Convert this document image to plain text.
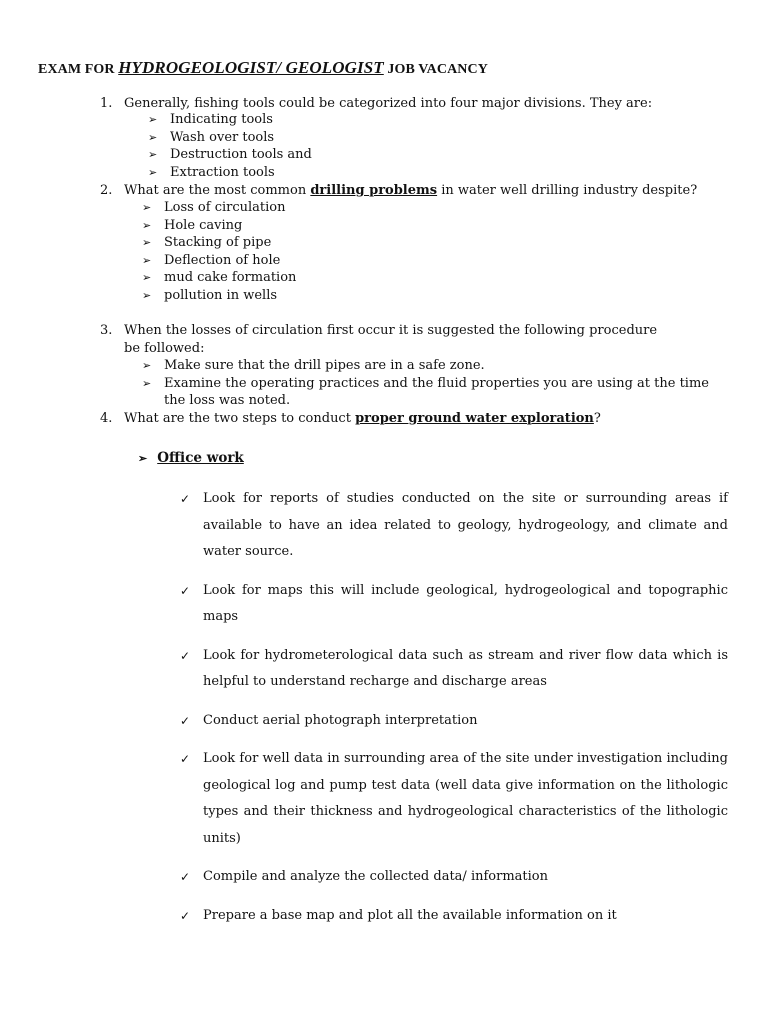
EXAM FOR HYDROGEOLOGIST/ GEOLOGIST JOB VACANCY
1. Generally, fishing tools could be categorized into four major divisions. They are:
➢ Indicating tools
➢ Wash over tools
➢ Destruction tools and
➢ Extraction tools
2. What are the most common drilling problems in water well drilling industry despite?
➢ Loss of circulation
➢ Hole caving
➢ Stacking of pipe
➢ Deflection of hole
➢ mud cake formation
➢ pollution in wells
3. When the losses of circulation first occur it is suggested the following procedure be followed:
➢ Make sure that the drill pipes are in a safe zone.
➢ Examine the operating practices and the fluid properties you are using at the time the loss was noted.
4. What are the two steps to conduct proper ground water exploration?
➢ Office work
✓ Look for reports of studies conducted on the site or surrounding areas if available to have an idea related to geology, hydrogeology, and climate and water source.
✓ Look for maps this will include geological, hydrogeological and topographic maps
✓ Look for hydrometerological data such as stream and river flow data which is helpful to understand recharge and discharge areas
✓ Conduct aerial photograph interpretation
✓ Look for well data in surrounding area of the site under investigation including geological log and pump test data (well data give information on the lithologic types and their thickness and hydrogeological characteristics of the lithologic units)
✓ Compile and analyze the collected data/ information
✓ Prepare a base map and plot all the available information on it
